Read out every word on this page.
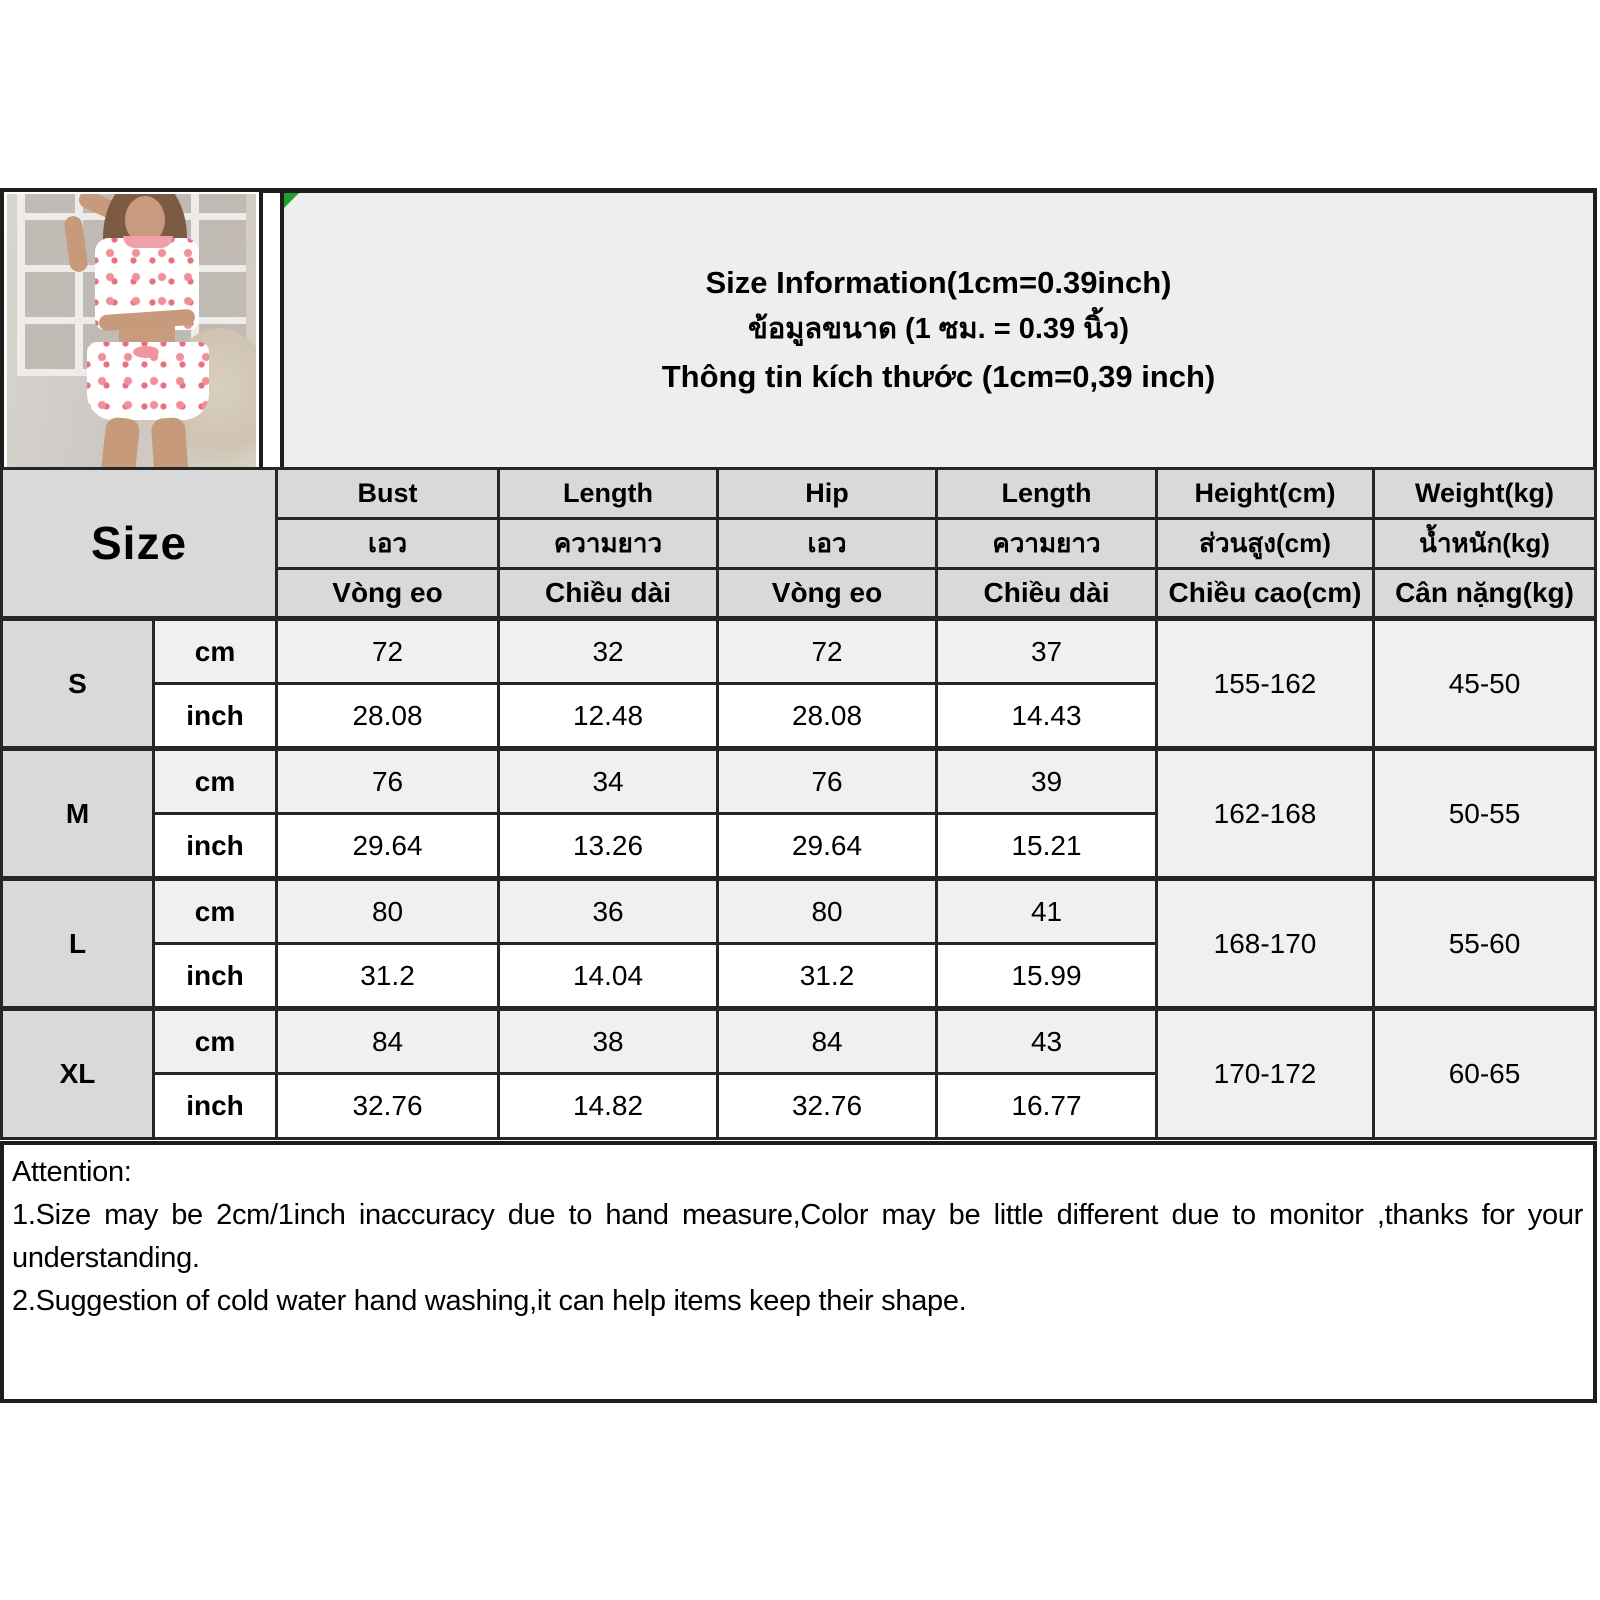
Size Information(1cm=0.39inch)
ข้อมูลขนาด (1 ซม. = 0.39 นิ้ว)
Thông tin kích thước (1cm=0,39 inch)
Size		Bust	Length	Hip	Length	Height(cm)	Weight(kg)
		เอว	ความยาว	เอว	ความยาว	ส่วนสูง(cm)	น้ำหนัก(kg)
		Vòng eo	Chiều dài	Vòng eo	Chiều dài	Chiều cao(cm)	Cân nặng(kg)
S	cm	72	32	72	37	155-162	45-50
	inch	28.08	12.48	28.08	14.43		
M	cm	76	34	76	39	162-168	50-55
	inch	29.64	13.26	29.64	15.21		
L	cm	80	36	80	41	168-170	55-60
	inch	31.2	14.04	31.2	15.99		
XL	cm	84	38	84	43	170-172	60-65
	inch	32.76	14.82	32.76	16.77		
Attention:
1.Size may be 2cm/1inch inaccuracy due to hand measure,Color may be little different due to monitor ,thanks for your understanding.
2.Suggestion of cold water hand washing,it can help items keep their shape.
